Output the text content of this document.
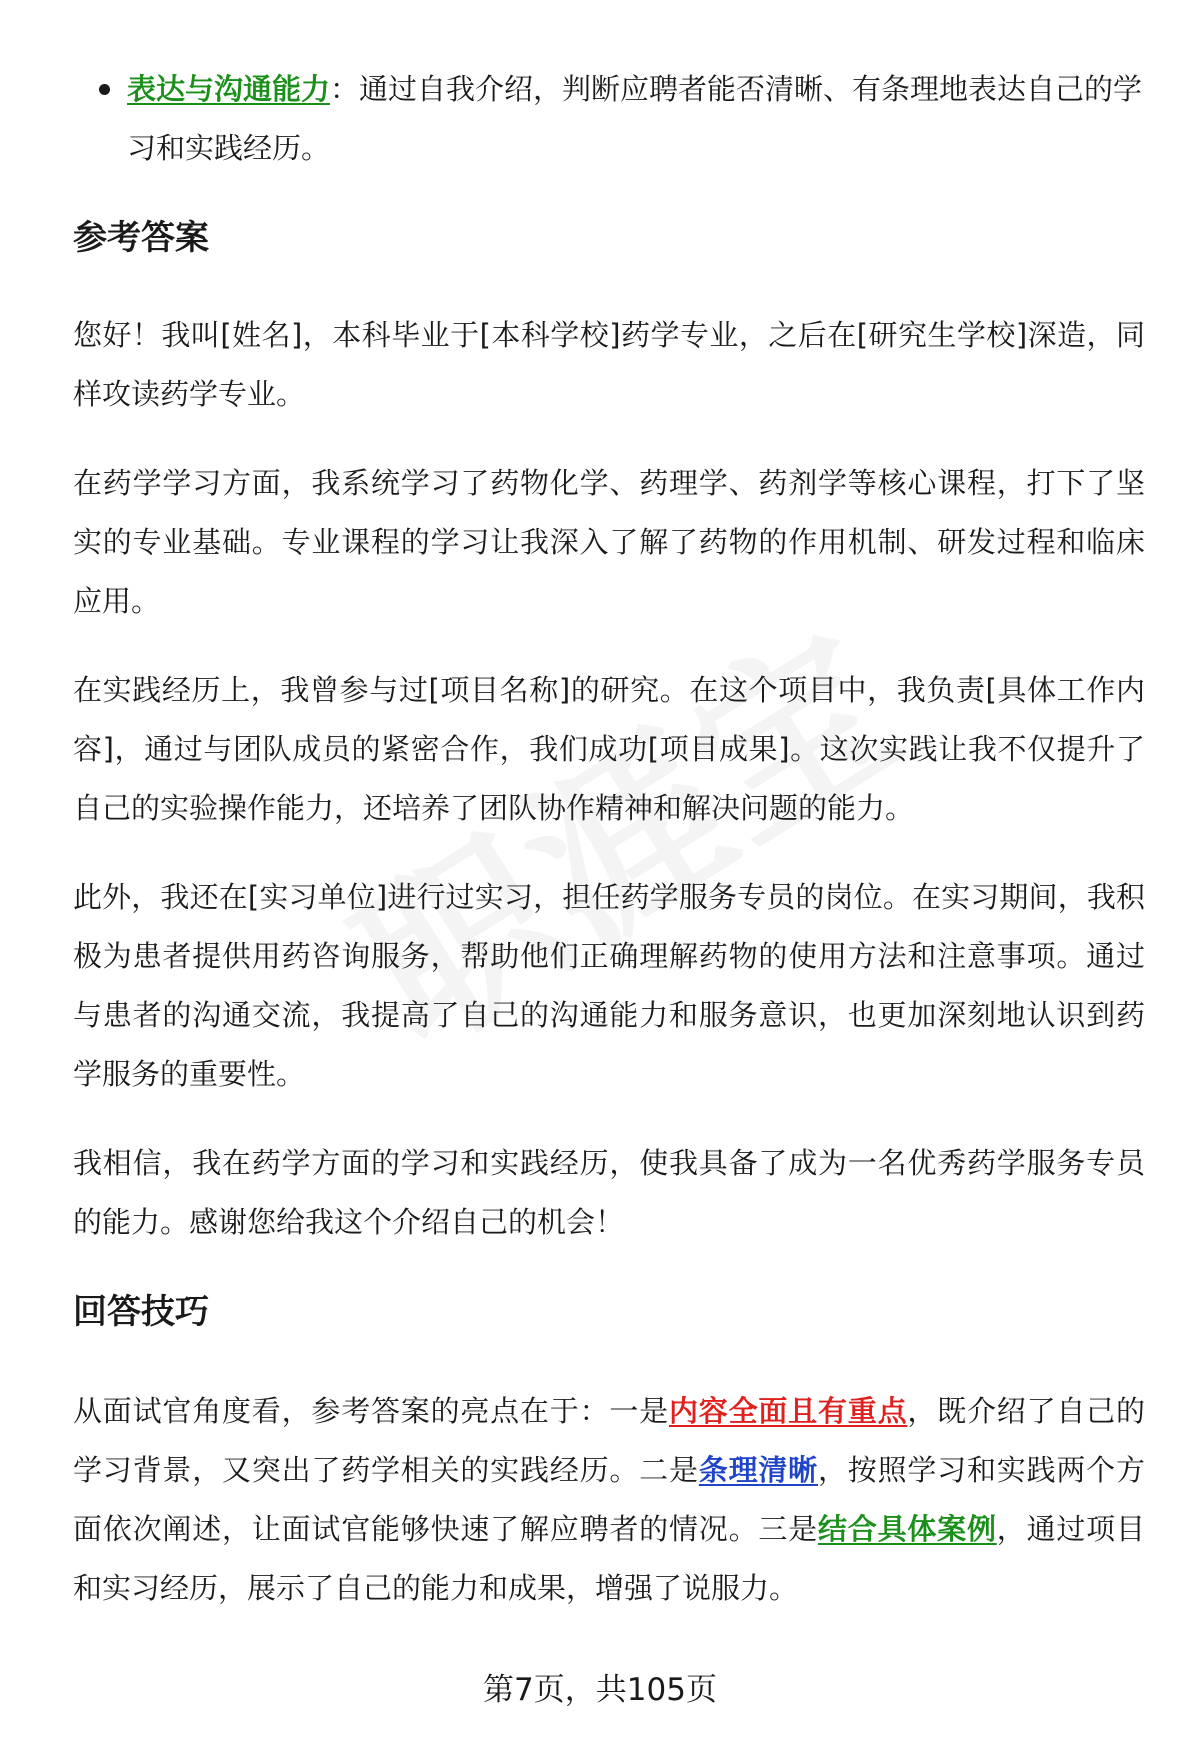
表达与沟通能力：通过自我介绍，判断应聘者能否清晰、有条理地表达自己的学习和实践经历。
参考答案

您好！我叫[姓名]，本科毕业于[本科学校]药学专业，之后在[研究生学校]深造，同样攻读药学专业。

在药学学习方面，我系统学习了药物化学、药理学、药剂学等核心课程，打下了坚实的专业基础。专业课程的学习让我深入了解了药物的作用机制、研发过程和临床应用。

在实践经历上，我曾参与过[项目名称]的研究。在这个项目中，我负责[具体工作内容]，通过与团队成员的紧密合作，我们成功[项目成果]。这次实践让我不仅提升了自己的实验操作能力，还培养了团队协作精神和解决问题的能力。

此外，我还在[实习单位]进行过实习，担任药学服务专员的岗位。在实习期间，我积极为患者提供用药咨询服务，帮助他们正确理解药物的使用方法和注意事项。通过与患者的沟通交流，我提高了自己的沟通能力和服务意识，也更加深刻地认识到药学服务的重要性。

我相信，我在药学方面的学习和实践经历，使我具备了成为一名优秀药学服务专员的能力。感谢您给我这个介绍自己的机会！

回答技巧

从面试官角度看，参考答案的亮点在于：一是内容全面且有重点，既介绍了自己的学习背景，又突出了药学相关的实践经历。二是条理清晰，按照学习和实践两个方面依次阐述，让面试官能够快速了解应聘者的情况。三是结合具体案例，通过项目和实习经历，展示了自己的能力和成果，增强了说服力。

第7页，共105页
